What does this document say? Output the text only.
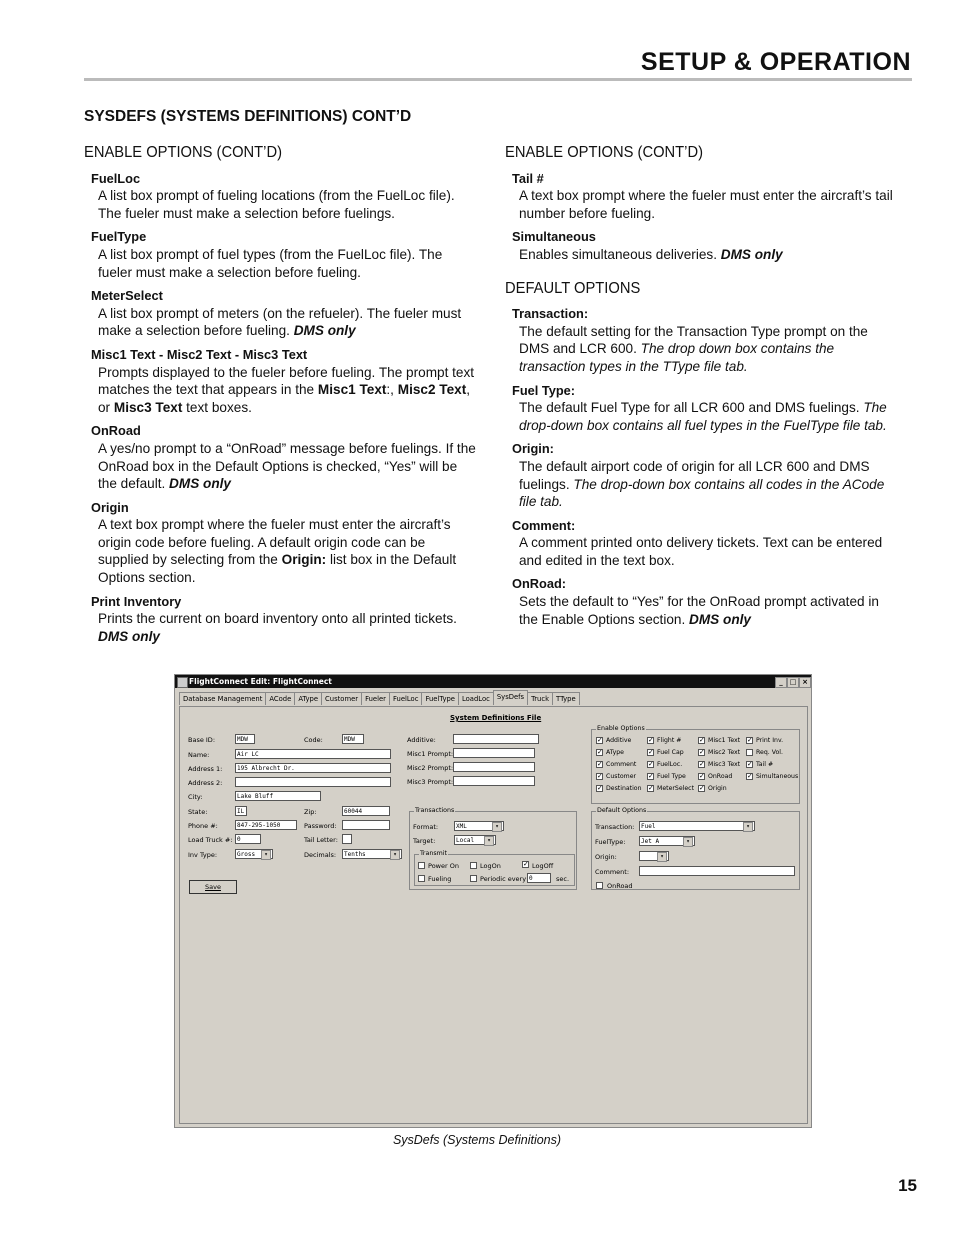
SETUP & OPERATION
SYSDEFS (SYSTEMS DEFINITIONS) CONT’D
ENABLE OPTIONS (CONT’D)
FuelLoc
A list box prompt of fueling locations (from the FuelLoc file). The fueler must make a selection before fuelings.
FuelType
A list box prompt of fuel types (from the FuelLoc file). The fueler must make a selection before fueling.
MeterSelect
A list box prompt of meters (on the refueler). The fueler must make a selection before fueling. DMS only
Misc1 Text - Misc2 Text - Misc3 Text
Prompts displayed to the fueler before fueling. The prompt text matches the text that appears in the Misc1 Text:, Misc2 Text, or Misc3 Text text boxes.
OnRoad
A yes/no prompt to a “OnRoad” message before fuelings. If the OnRoad box in the Default Options is checked, “Yes” will be the default. DMS only
Origin
A text box prompt where the fueler must enter the aircraft’s origin code before fueling. A default origin code can be supplied by selecting from the Origin: list box in the Default Options section.
Print Inventory
Prints the current on board inventory onto all printed tickets. DMS only
ENABLE OPTIONS (CONT’D)
Tail #
A text box prompt where the fueler must enter the aircraft’s tail number before fueling.
Simultaneous
Enables simultaneous deliveries. DMS only
DEFAULT OPTIONS
Transaction:
The default setting for the Transaction Type prompt on the DMS and LCR 600. The drop down box contains the transaction types in the TType file tab.
Fuel Type:
The default Fuel Type for all LCR 600 and DMS fuelings. The drop-down box contains all fuel types in the FuelType file tab.
Origin:
The default airport code of origin for all LCR 600 and DMS fuelings. The drop-down box contains all codes in the ACode file tab.
Comment:
A comment printed onto delivery tickets. Text can be entered and edited in the text box.
OnRoad:
Sets the default to “Yes” for the OnRoad prompt activated in the Enable Options section. DMS only
FlightConnect Edit: FlightConnect	_ □ ×
Database Management ACode AType Customer Fueler FuelLoc FuelType LoadLoc SysDefs Truck TType
System Definitions File
Base ID:	MDW	Code:	MDW
Name:	Air LC
Address 1:	195 Albrecht Dr.
Address 2:
City:	Lake Bluff
State:	IL	Zip:	60044
Phone #:	847-295-1050	Password:
Load Truck #: 0	Tail Letter:
Inv Type:	Gross ▾	Decimals:	Tenths ▾
Save
Additive:
Misc1 Prompt:
Misc2 Prompt:
Misc3 Prompt:
Transactions
Format:	XML ▾
Target:	Local ▾
Transmit
Power On	LogOn	✓ LogOff
Fueling	Periodic every 0	sec.
Enable Options
✓ Additive ✓ Flight #	✓ Misc1 Text ✓ Print Inv.
✓ AType	✓ Fuel Cap ✓ Misc2 Text	Req. Vol.
✓ Comment ✓ FuelLoc. ✓ Misc3 Text ✓ Tail #
✓ Customer ✓ Fuel Type ✓ OnRoad ✓ Simultaneous
✓ Destination ✓ MeterSelect ✓ Origin
Default Options
Transaction:	Fuel ▾
FuelType:	Jet A ▾
Origin:
▾
Comment:
OnRoad
SysDefs (Systems Definitions)
15
